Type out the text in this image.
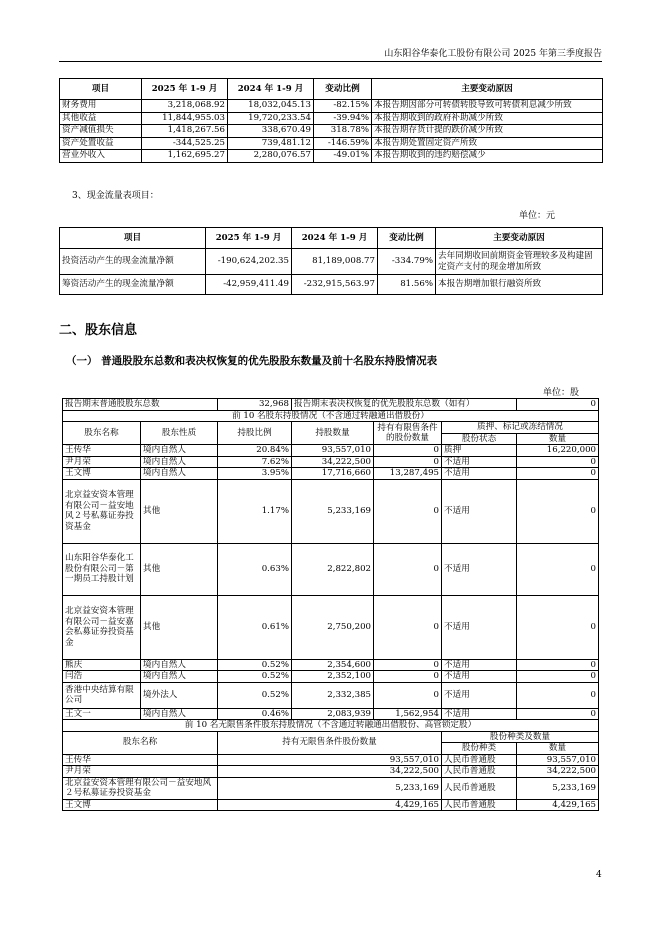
山东阳谷华泰化工股份有限公司 2025 年第三季度报告
项目	2025 年 1-9 月	2024 年 1-9 月	变动比例	主要变动原因
财务费用	3,218,068.92	18,032,045.13	-82.15%	本报告期因部分可转债转股导致可转债利息减少所致
其他收益	11,844,955.03	19,720,233.54	-39.94%	本报告期收到的政府补助减少所致
资产减值损失	1,418,267.56	338,670.49	318.78%	本报告期存货计提的跌价减少所致
资产处置收益	-344,525.25	739,481.12	-146.59%	本报告期处置固定资产所致
营业外收入	1,162,695.27	2,280,076.57	-49.01%	本报告期收到的违约赔偿减少
3、现金流量表项目：
单位：元
项目	2025 年 1-9 月	2024 年 1-9 月	变动比例	主要变动原因
投资活动产生的现金流量净额	-190,624,202.35	81,189,008.77	-334.79%	去年同期收回前期资金管理较多及构建固定资产支付的现金增加所致
筹资活动产生的现金流量净额	-42,959,411.49	-232,915,563.97	81.56%	本报告期增加银行融资所致
二、股东信息
（一） 普通股股东总数和表决权恢复的优先股股东数量及前十名股东持股情况表
单位：股
报告期末普通股股东总数		32,968	报告期末表决权恢复的优先股股东总数（如有）			0
前 10 名股东持股情况（不含通过转融通出借股份）						
股东名称	股东性质	持股比例	持股数量	持有有限售条件的股份数量	质押、标记或冻结情况	
					股份状态	数量
王传华	境内自然人	20.84%	93,557,010	0	质押	16,220,000
尹月荣	境内自然人	7.62%	34,222,500	0	不适用	0
王文博	境内自然人	3.95%	17,716,660	13,287,495	不适用	0
北京益安资本管理有限公司－益安地风２号私募证券投资基金	其他	1.17%	5,233,169	0	不适用	0
山东阳谷华泰化工股份有限公司－第一期员工持股计划	其他	0.63%	2,822,802	0	不适用	0
北京益安资本管理有限公司－益安嘉会私募证券投资基金	其他	0.61%	2,750,200	0	不适用	0
熊庆	境内自然人	0.52%	2,354,600	0	不适用	0
闫浩	境内自然人	0.52%	2,352,100	0	不适用	0
香港中央结算有限公司	境外法人	0.52%	2,332,385	0	不适用	0
王文一	境内自然人	0.46%	2,083,939	1,562,954	不适用	0
前 10 名无限售条件股东持股情况（不含通过转融通出借股份、高管锁定股）						
股东名称		持有无限售条件股份数量			股份种类及数量	
					股份种类	数量
王传华		93,557,010			人民币普通股	93,557,010
尹月荣		34,222,500			人民币普通股	34,222,500
北京益安资本管理有限公司－益安地风２号私募证券投资基金		5,233,169			人民币普通股	5,233,169
王文博		4,429,165			人民币普通股	4,429,165
4
